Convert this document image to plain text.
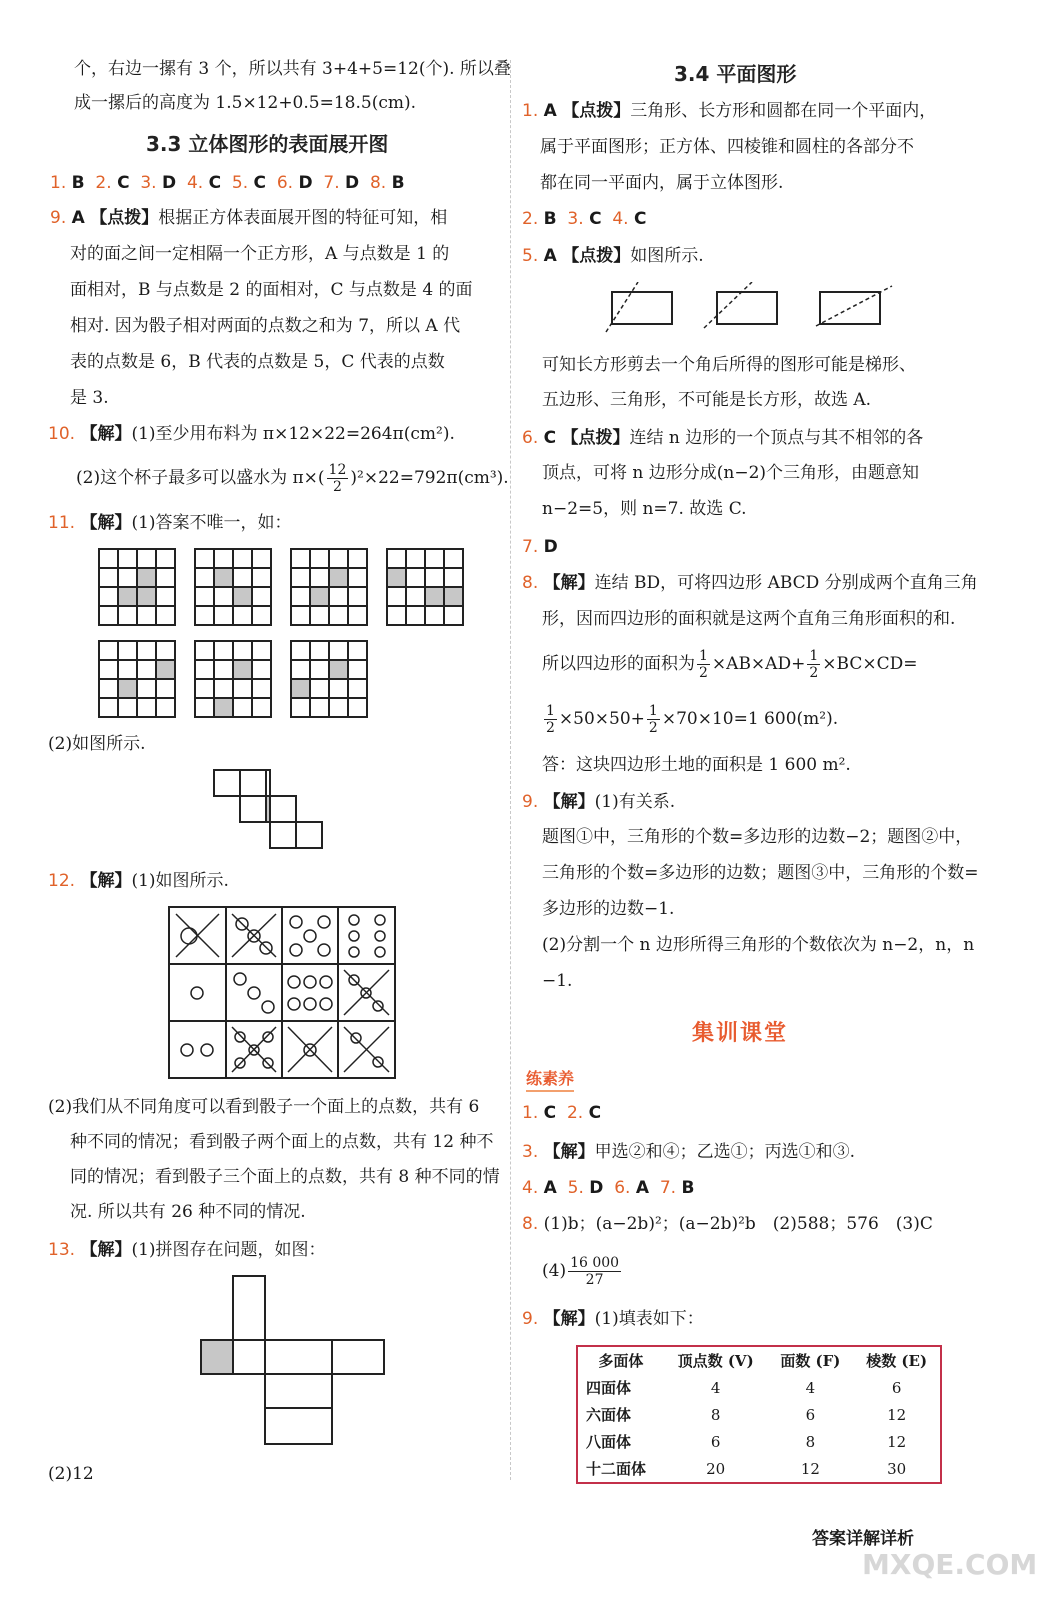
个，右边一摞有 3 个，所以共有 3+4+5=12(个). 所以叠
成一摞后的高度为 1.5×12+0.5=18.5(cm).
3.3 立体图形的表面展开图
1. B 2. C 3. D 4. C 5. C 6. D 7. D 8. B
9. A 【点拨】根据正方体表面展开图的特征可知，相
对的面之间一定相隔一个正方形，A 与点数是 1 的
面相对，B 与点数是 2 的面相对，C 与点数是 4 的面
相对. 因为骰子相对两面的点数之和为 7，所以 A 代
表的点数是 6，B 代表的点数是 5，C 代表的点数
是 3.
10. 【解】(1)至少用布料为 π×12×22=264π(cm²).
(2)这个杯子最多可以盛水为 $\pi\times( \frac{12}{2} )^2\times 22=792\pi(cm^3)$.
11. 【解】(1)答案不唯一，如：
(2)如图所示.
12. 【解】(1)如图所示.
(2)我们从不同角度可以看到骰子一个面上的点数，共有 6
种不同的情况；看到骰子两个面上的点数，共有 12 种不
同的情况；看到骰子三个面上的点数，共有 8 种不同的情
况. 所以共有 26 种不同的情况.
13. 【解】(1)拼图存在问题，如图：
(2)12
3.4 平面图形
1. A 【点拨】三角形、长方形和圆都在同一个平面内，
属于平面图形；正方体、四棱锥和圆柱的各部分不
都在同一平面内，属于立体图形.
2. B 3. C 4. C
5. A 【点拨】如图所示.
可知长方形剪去一个角后所得的图形可能是梯形、
五边形、三角形，不可能是长方形，故选 A.
6. C 【点拨】连结 n 边形的一个顶点与其不相邻的各
顶点，可将 n 边形分成(n−2)个三角形，由题意知
n−2=5，则 n=7. 故选 C.
7. D
8. 【解】连结 BD，可将四边形 ABCD 分别成两个直角三角
形，因而四边形的面积就是这两个直角三角形面积的和.
所以四边形的面积为 $\frac{1}{2} \times AB\times AD+ \frac{1}{2} \times BC\times CD=$
$\frac{1}{2} \times 50\times 50+ \frac{1}{2} \times 70\times 10=1$ 600(m²).
答：这块四边形土地的面积是 1 600 m².
9. 【解】(1)有关系.
题图①中，三角形的个数=多边形的边数−2；题图②中，
三角形的个数=多边形的边数；题图③中，三角形的个数=
多边形的边数−1.
(2)分割一个 n 边形所得三角形的个数依次为 n−2，n，n
−1.
集训课堂
练素养
1. C 2. C
3. 【解】甲选②和④；乙选①；丙选①和③.
4. A 5. D 6. A 7. B
8. (1)b；(a−2b)²；(a−2b)²b　(2)588；576　(3)C
$(4) \frac{16 000}{27}$
9. 【解】(1)填表如下：
多面体	顶点数 (V)	面数 (F)	棱数 (E)
四面体	4	4	6
六面体	8	6	12
八面体	6	8	12
十二面体	20	12	30
答案详解详析
MXQE.COM
